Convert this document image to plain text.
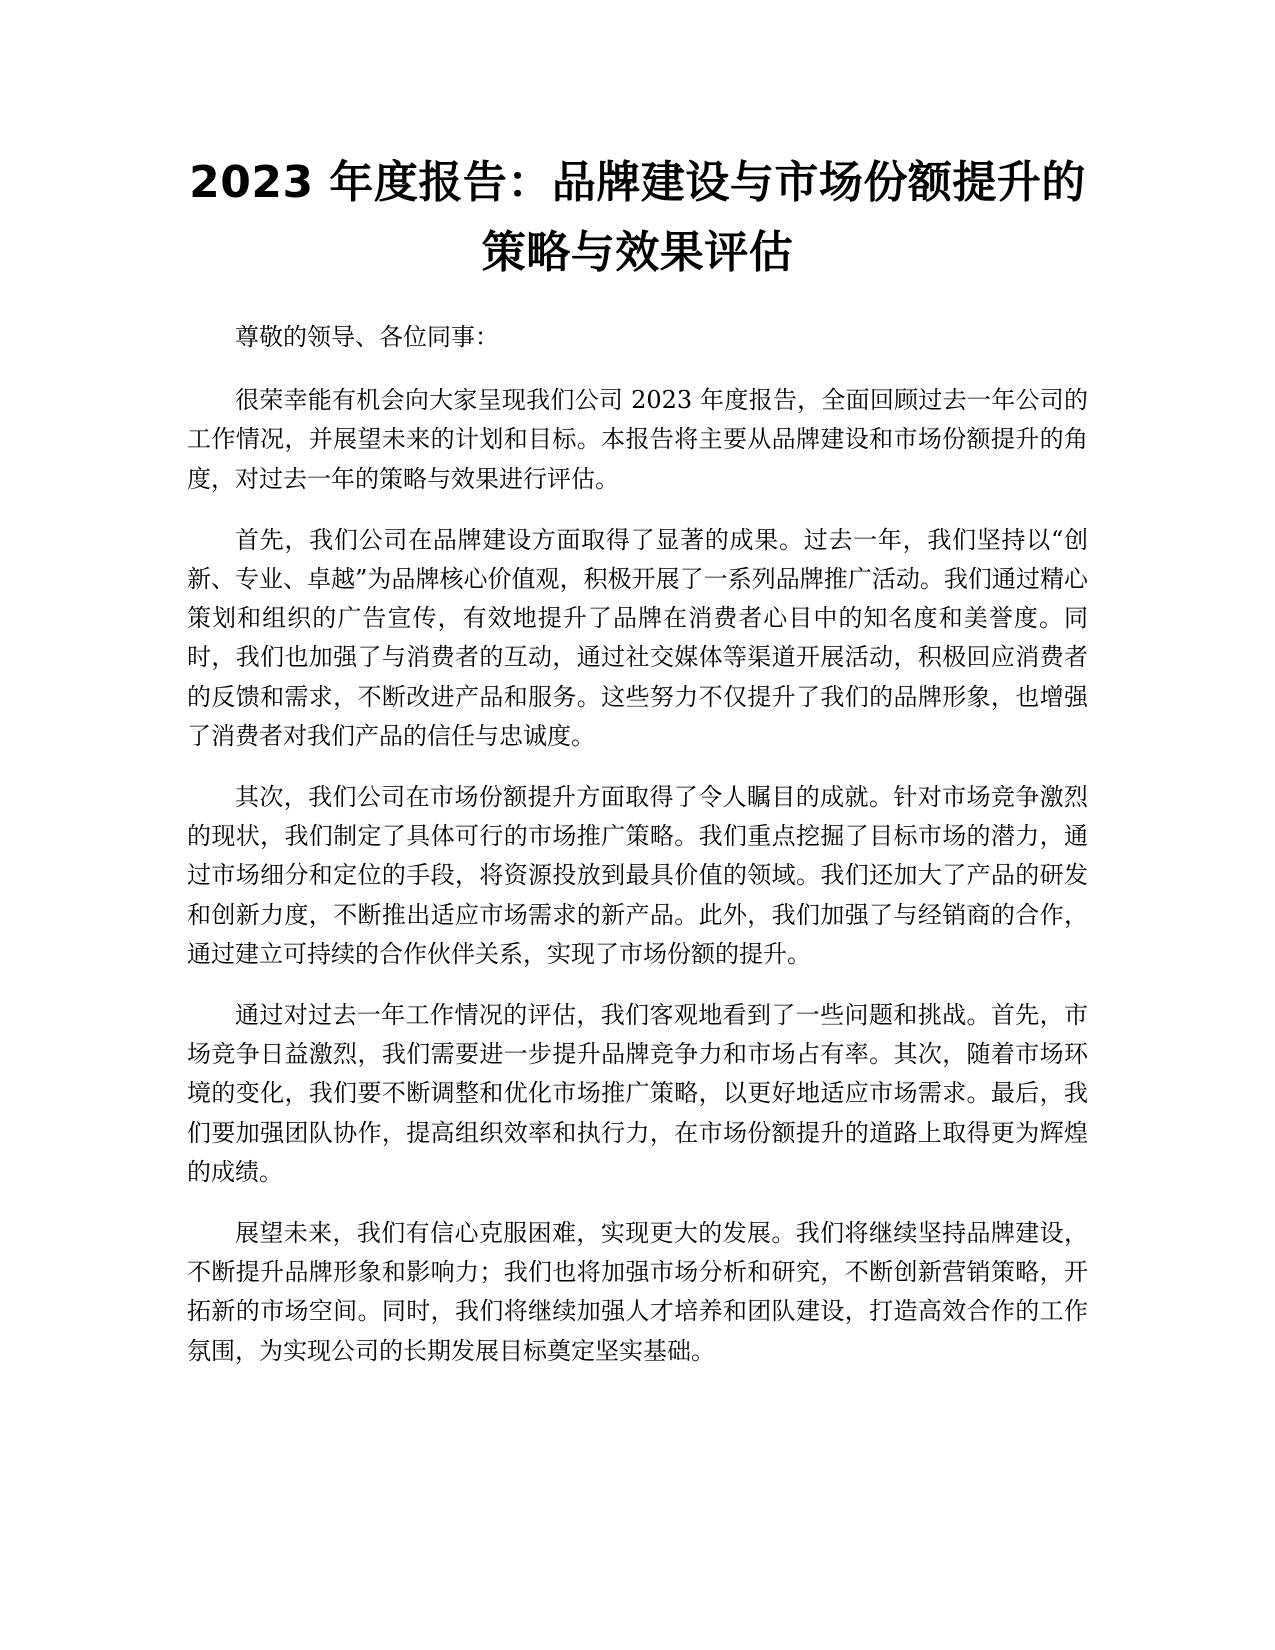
2023 年度报告：品牌建设与市场份额提升的
策略与效果评估

尊敬的领导、各位同事：

很荣幸能有机会向大家呈现我们公司 2023 年度报告，全面回顾过去一年公司的工作情况，并展望未来的计划和目标。本报告将主要从品牌建设和市场份额提升的角度，对过去一年的策略与效果进行评估。

首先，我们公司在品牌建设方面取得了显著的成果。过去一年，我们坚持以“创新、专业、卓越”为品牌核心价值观，积极开展了一系列品牌推广活动。我们通过精心策划和组织的广告宣传，有效地提升了品牌在消费者心目中的知名度和美誉度。同时，我们也加强了与消费者的互动，通过社交媒体等渠道开展活动，积极回应消费者的反馈和需求，不断改进产品和服务。这些努力不仅提升了我们的品牌形象，也增强了消费者对我们产品的信任与忠诚度。

其次，我们公司在市场份额提升方面取得了令人瞩目的成就。针对市场竞争激烈的现状，我们制定了具体可行的市场推广策略。我们重点挖掘了目标市场的潜力，通过市场细分和定位的手段，将资源投放到最具价值的领域。我们还加大了产品的研发和创新力度，不断推出适应市场需求的新产品。此外，我们加强了与经销商的合作，通过建立可持续的合作伙伴关系，实现了市场份额的提升。

通过对过去一年工作情况的评估，我们客观地看到了一些问题和挑战。首先，市场竞争日益激烈，我们需要进一步提升品牌竞争力和市场占有率。其次，随着市场环境的变化，我们要不断调整和优化市场推广策略，以更好地适应市场需求。最后，我们要加强团队协作，提高组织效率和执行力，在市场份额提升的道路上取得更为辉煌的成绩。

展望未来，我们有信心克服困难，实现更大的发展。我们将继续坚持品牌建设，不断提升品牌形象和影响力；我们也将加强市场分析和研究，不断创新营销策略，开拓新的市场空间。同时，我们将继续加强人才培养和团队建设，打造高效合作的工作氛围，为实现公司的长期发展目标奠定坚实基础。
